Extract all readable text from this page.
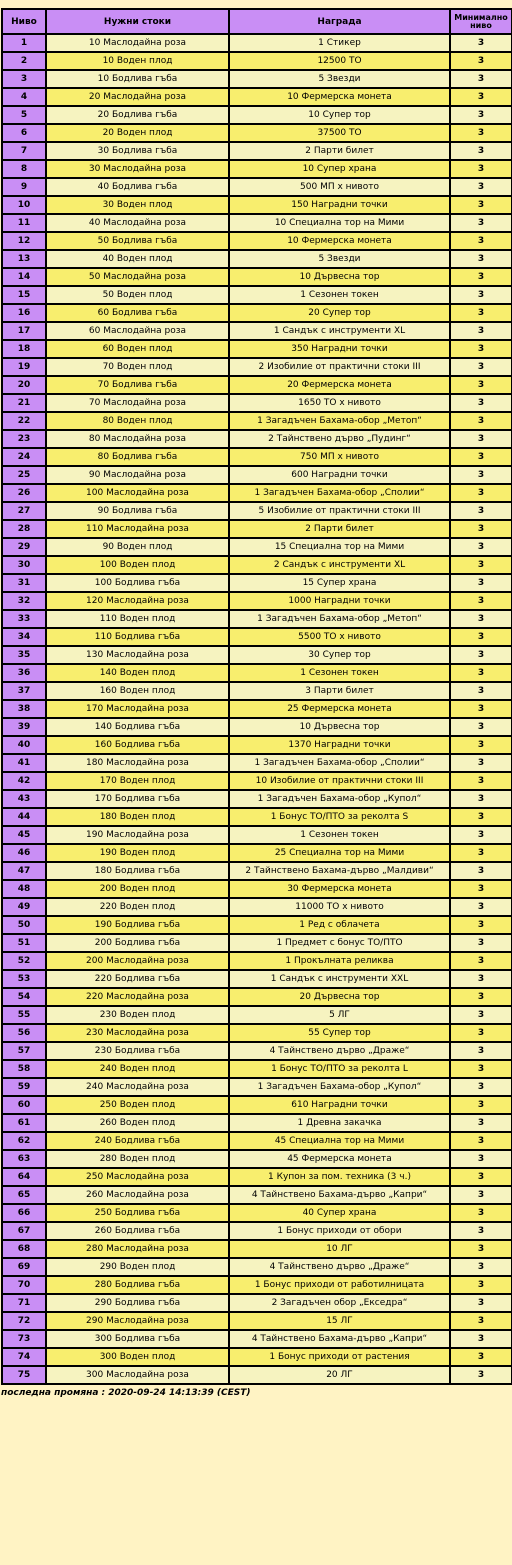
Ниво	Нужни стоки	Награда	Минимално ниво
1	10 Маслодайна роза	1 Стикер	3
2	10 Воден плод	12500 ТО	3
3	10 Бодлива гъба	5 Звезди	3
4	20 Маслодайна роза	10 Фермерска монета	3
5	20 Бодлива гъба	10 Супер тор	3
6	20 Воден плод	37500 ТО	3
7	30 Бодлива гъба	2 Парти билет	3
8	30 Маслодайна роза	10 Супер храна	3
9	40 Бодлива гъба	500 МП x нивото	3
10	30 Воден плод	150 Наградни точки	3
11	40 Маслодайна роза	10 Специална тор на Мими	3
12	50 Бодлива гъба	10 Фермерска монета	3
13	40 Воден плод	5 Звезди	3
14	50 Маслодайна роза	10 Дървесна тор	3
15	50 Воден плод	1 Сезонен токен	3
16	60 Бодлива гъба	20 Супер тор	3
17	60 Маслодайна роза	1 Сандък с инструменти XL	3
18	60 Воден плод	350 Наградни точки	3
19	70 Воден плод	2 Изобилие от практични стоки III	3
20	70 Бодлива гъба	20 Фермерска монета	3
21	70 Маслодайна роза	1650 ТО x нивото	3
22	80 Воден плод	1 Загадъчен Бахама-обор „Метоп“	3
23	80 Маслодайна роза	2 Тайнствено дърво „Пудинг“	3
24	80 Бодлива гъба	750 МП x нивото	3
25	90 Маслодайна роза	600 Наградни точки	3
26	100 Маслодайна роза	1 Загадъчен Бахама-обор „Сполии“	3
27	90 Бодлива гъба	5 Изобилие от практични стоки III	3
28	110 Маслодайна роза	2 Парти билет	3
29	90 Воден плод	15 Специална тор на Мими	3
30	100 Воден плод	2 Сандък с инструменти XL	3
31	100 Бодлива гъба	15 Супер храна	3
32	120 Маслодайна роза	1000 Наградни точки	3
33	110 Воден плод	1 Загадъчен Бахама-обор „Метоп“	3
34	110 Бодлива гъба	5500 ТО x нивото	3
35	130 Маслодайна роза	30 Супер тор	3
36	140 Воден плод	1 Сезонен токен	3
37	160 Воден плод	3 Парти билет	3
38	170 Маслодайна роза	25 Фермерска монета	3
39	140 Бодлива гъба	10 Дървесна тор	3
40	160 Бодлива гъба	1370 Наградни точки	3
41	180 Маслодайна роза	1 Загадъчен Бахама-обор „Сполии“	3
42	170 Воден плод	10 Изобилие от практични стоки III	3
43	170 Бодлива гъба	1 Загадъчен Бахама-обор „Купол“	3
44	180 Воден плод	1 Бонус ТО/ПТО за реколта S	3
45	190 Маслодайна роза	1 Сезонен токен	3
46	190 Воден плод	25 Специална тор на Мими	3
47	180 Бодлива гъба	2 Тайнствено Бахама-дърво „Малдиви“	3
48	200 Воден плод	30 Фермерска монета	3
49	220 Воден плод	11000 ТО x нивото	3
50	190 Бодлива гъба	1 Ред с облачета	3
51	200 Бодлива гъба	1 Предмет с бонус ТО/ПТО	3
52	200 Маслодайна роза	1 Прокълната реликва	3
53	220 Бодлива гъба	1 Сандък с инструменти XXL	3
54	220 Маслодайна роза	20 Дървесна тор	3
55	230 Воден плод	5 ЛГ	3
56	230 Маслодайна роза	55 Супер тор	3
57	230 Бодлива гъба	4 Тайнствено дърво „Драже“	3
58	240 Воден плод	1 Бонус ТО/ПТО за реколта L	3
59	240 Маслодайна роза	1 Загадъчен Бахама-обор „Купол“	3
60	250 Воден плод	610 Наградни точки	3
61	260 Воден плод	1 Древна закачка	3
62	240 Бодлива гъба	45 Специална тор на Мими	3
63	280 Воден плод	45 Фермерска монета	3
64	250 Маслодайна роза	1 Купон за пом. техника (3 ч.)	3
65	260 Маслодайна роза	4 Тайнствено Бахама-дърво „Капри“	3
66	250 Бодлива гъба	40 Супер храна	3
67	260 Бодлива гъба	1 Бонус приходи от обори	3
68	280 Маслодайна роза	10 ЛГ	3
69	290 Воден плод	4 Тайнствено дърво „Драже“	3
70	280 Бодлива гъба	1 Бонус приходи от работилницата	3
71	290 Бодлива гъба	2 Загадъчен обор „Екседра“	3
72	290 Маслодайна роза	15 ЛГ	3
73	300 Бодлива гъба	4 Тайнствено Бахама-дърво „Капри“	3
74	300 Воден плод	1 Бонус приходи от растения	3
75	300 Маслодайна роза	20 ЛГ	3
последна промяна : 2020-09-24 14:13:39 (CEST)
